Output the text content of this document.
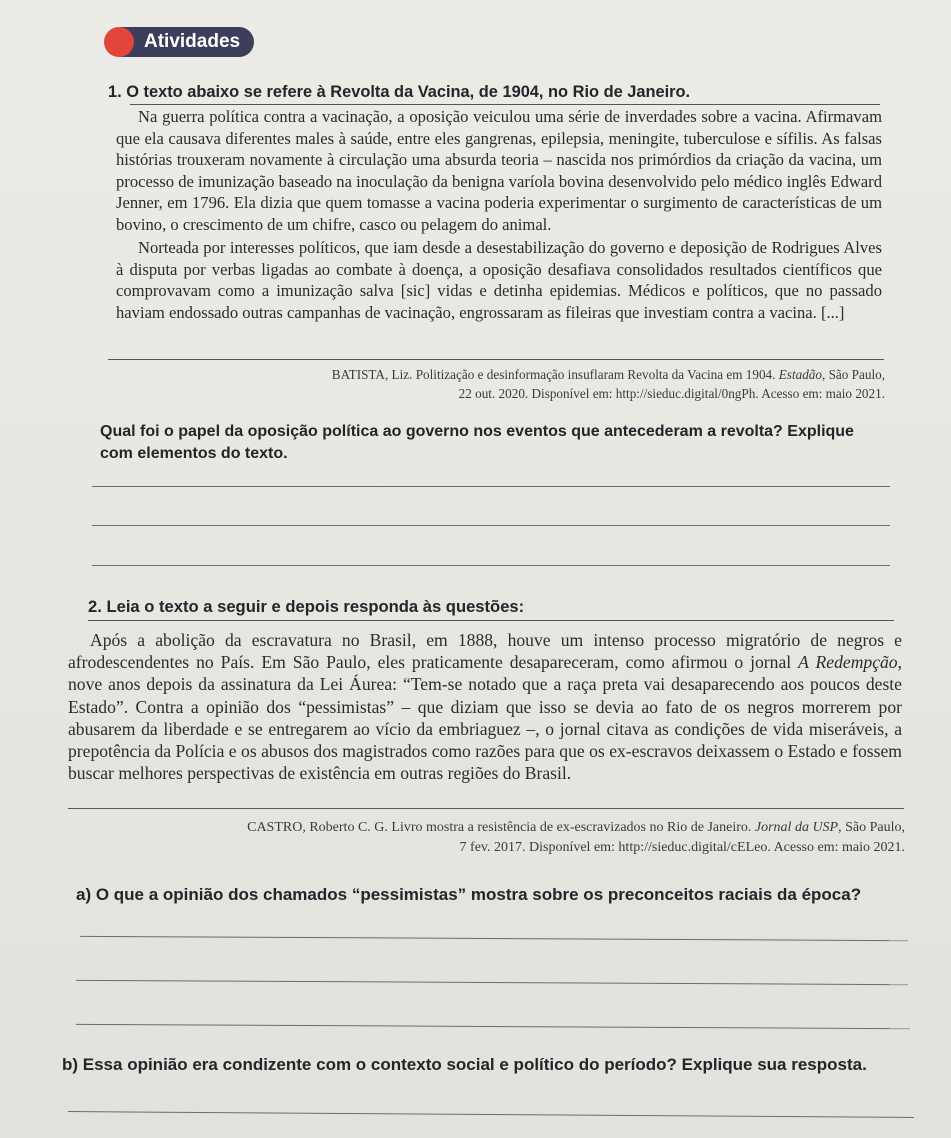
Atividades
1. O texto abaixo se refere à Revolta da Vacina, de 1904, no Rio de Janeiro.

Na guerra política contra a vacinação, a oposição veiculou uma série de inverdades sobre a vacina. Afirmavam que ela causava diferentes males à saúde, entre eles gangrenas, epilepsia, meningite, tuberculose e sífilis. As falsas histórias trouxeram novamente à circulação uma absurda teoria – nascida nos primórdios da criação da vacina, um processo de imunização baseado na inoculação da benigna varíola bovina desenvolvido pelo médico inglês Edward Jenner, em 1796. Ela dizia que quem tomasse a vacina poderia experimentar o surgimento de características de um bovino, o crescimento de um chifre, casco ou pelagem do animal.

Norteada por interesses políticos, que iam desde a desestabilização do governo e deposição de Rodrigues Alves à disputa por verbas ligadas ao combate à doença, a oposição desafiava consolidados resultados científicos que comprovavam como a imunização salva [sic] vidas e detinha epidemias. Médicos e políticos, que no passado haviam endossado outras campanhas de vacinação, engrossaram as fileiras que investiam contra a vacina. [...]

BATISTA, Liz. Politização e desinformação insuflaram Revolta da Vacina em 1904. Estadão, São Paulo,
22 out. 2020. Disponível em: http://sieduc.digital/0ngPh. Acesso em: maio 2021.
Qual foi o papel da oposição política ao governo nos eventos que antecederam a revolta? Explique com elementos do texto.
2. Leia o texto a seguir e depois responda às questões:

Após a abolição da escravatura no Brasil, em 1888, houve um intenso processo migratório de negros e afrodescendentes no País. Em São Paulo, eles praticamente desapareceram, como afirmou o jornal A Redempção, nove anos depois da assinatura da Lei Áurea: “Tem-se notado que a raça preta vai desaparecendo aos poucos deste Estado”. Contra a opinião dos “pessimistas” – que diziam que isso se devia ao fato de os negros morrerem por abusarem da liberdade e se entregarem ao vício da embriaguez –, o jornal citava as condições de vida miseráveis, a prepotência da Polícia e os abusos dos magistrados como razões para que os ex-escravos deixassem o Estado e fossem buscar melhores perspectivas de existência em outras regiões do Brasil.

CASTRO, Roberto C. G. Livro mostra a resistência de ex-escravizados no Rio de Janeiro. Jornal da USP, São Paulo,
7 fev. 2017. Disponível em: http://sieduc.digital/cELeo. Acesso em: maio 2021.
a) O que a opinião dos chamados “pessimistas” mostra sobre os preconceitos raciais da época?
b) Essa opinião era condizente com o contexto social e político do período? Explique sua resposta.
